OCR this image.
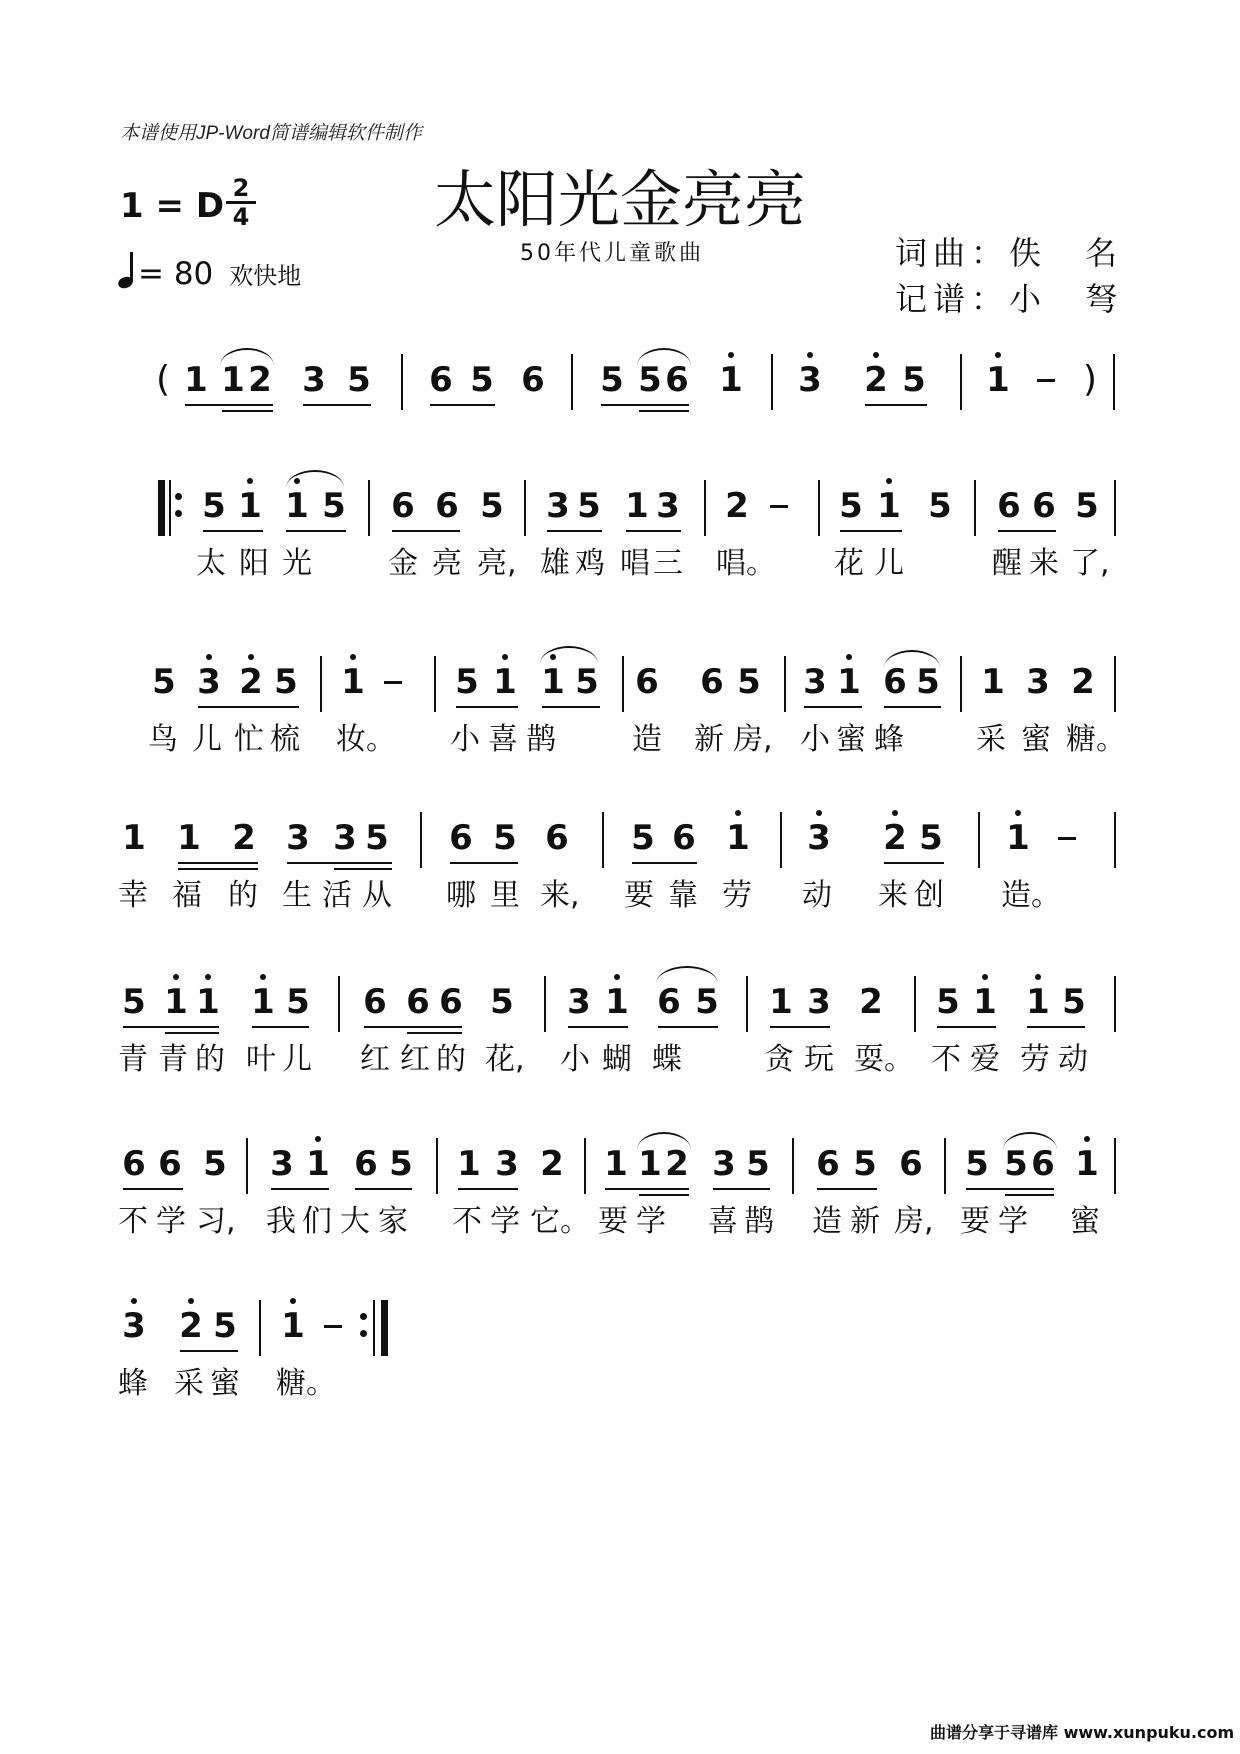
本谱使用JP-Word简谱编辑软件制作
太阳光金亮亮
50年代儿童歌曲
1 = D 2
4
= 80 欢快地
词曲：佚　名
记谱：小　弩
( 1 1 2 3 5 6 5 6 5 5 6 1 3 2 5 1 )
5 1 1 5 6 6 5 3 5 1 3 2	5 1 5 6 6 5
太 阳 光	金 亮 亮, 雄 鸡 唱 三 唱。 花 儿	醒 来 了,
5 3 2 5 1	5 1 1 5 6 6 5 3 1 6 5 1 3 2
鸟 儿 忙 梳 妆。 小 喜 鹊	造 新 房, 小 蜜 蜂 采 蜜 糖。
1 1 2 3 3 5 6 5 6 5 6 1 3 2 5 1
幸 福 的 生 活 从 哪 里 来, 要 靠 劳 动 来 创 造。
5 1 1 1 5 6 6 6 5 3 1 6 5 1 3 2 5 1 1 5
青 青 的 叶 儿 红 红 的 花, 小 蝴 蝶	贪 玩 耍。 不 爱 劳 动
6 6 5 3 1 6 5 1 3 2 1 1 2 3 5 6 5 6 5 5 6 1
不 学 习, 我 们 大 家 不 学 它。 要 学 喜 鹊 造 新 房, 要 学 蜜
3 2 5 1
蜂 采 蜜 糖。
曲谱分享于寻谱库 www.xunpuku.com
